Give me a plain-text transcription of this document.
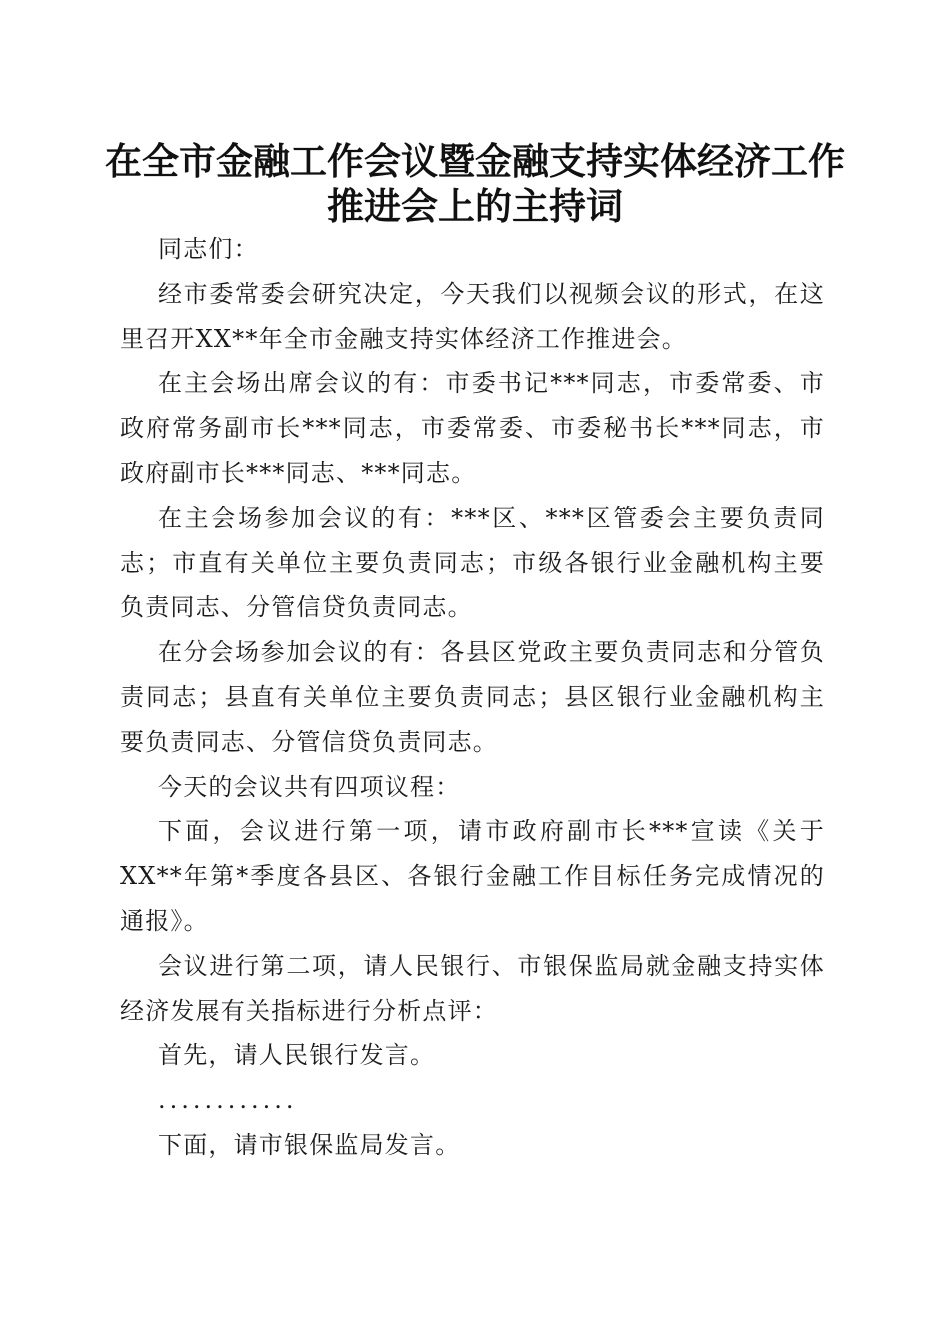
在全市金融工作会议暨金融支持实体经济工作
推进会上的主持词

同志们：

经市委常委会研究决定，今天我们以视频会议的形式，在这里召开XX**年全市金融支持实体经济工作推进会。

在主会场出席会议的有：市委书记***同志，市委常委、市政府常务副市长***同志，市委常委、市委秘书长***同志，市政府副市长***同志、***同志。

在主会场参加会议的有：***区、***区管委会主要负责同志；市直有关单位主要负责同志；市级各银行业金融机构主要负责同志、分管信贷负责同志。

在分会场参加会议的有：各县区党政主要负责同志和分管负责同志；县直有关单位主要负责同志；县区银行业金融机构主要负责同志、分管信贷负责同志。

今天的会议共有四项议程：

下面，会议进行第一项，请市政府副市长***宣读《关于XX**年第*季度各县区、各银行金融工作目标任务完成情况的通报》。

会议进行第二项，请人民银行、市银保监局就金融支持实体经济发展有关指标进行分析点评：

首先，请人民银行发言。

............

下面，请市银保监局发言。
